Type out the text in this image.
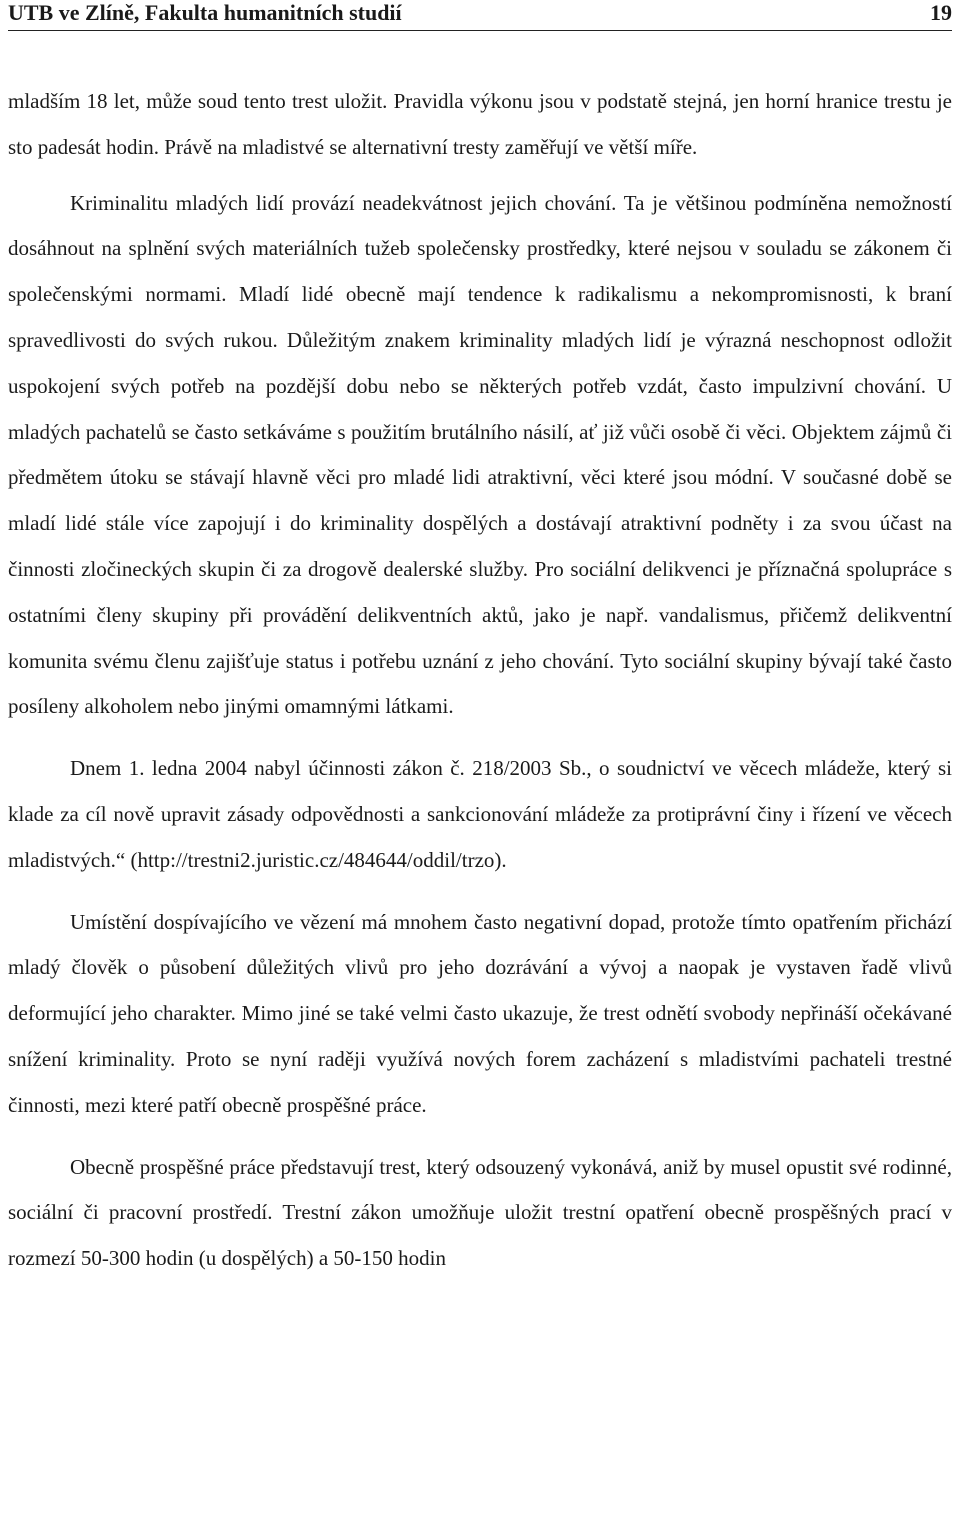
UTB ve Zlíně, Fakulta humanitních studií	19

mladším 18 let, může soud tento trest uložit. Pravidla výkonu jsou v podstatě stejná, jen horní hranice trestu je sto padesát hodin. Právě na mladistvé se alternativní tresty zaměřují ve větší míře.

Kriminalitu mladých lidí provází neadekvátnost jejich chování. Ta je většinou podmíněna nemožností dosáhnout na splnění svých materiálních tužeb společensky prostředky, které nejsou v souladu se zákonem či společenskými normami. Mladí lidé obecně mají tendence k radikalismu a nekompromisnosti, k braní spravedlivosti do svých rukou. Důležitým znakem kriminality mladých lidí je výrazná neschopnost odložit uspokojení svých potřeb na pozdější dobu nebo se některých potřeb vzdát, často impulzivní chování. U mladých pachatelů se často setkáváme s použitím brutálního násilí, ať již vůči osobě či věci. Objektem zájmů či předmětem útoku se stávají hlavně věci pro mladé lidi atraktivní, věci které jsou módní. V současné době se mladí lidé stále více zapojují i do kriminality dospělých a dostávají atraktivní podněty i za svou účast na činnosti zločineckých skupin či za drogově dealerské služby. Pro sociální delikvenci je příznačná spolupráce s ostatními členy skupiny při provádění delikventních aktů, jako je např. vandalismus, přičemž delikventní komunita svému členu zajišťuje status i potřebu uznání z jeho chování. Tyto sociální skupiny bývají také často posíleny alkoholem nebo jinými omamnými látkami.

Dnem 1. ledna 2004 nabyl účinnosti zákon č. 218/2003 Sb., o soudnictví ve věcech mládeže, který si klade za cíl nově upravit zásady odpovědnosti a sankcionování mládeže za protiprávní činy i řízení ve věcech mladistvých.“ (http://trestni2.juristic.cz/484644/oddil/trzo).

Umístění dospívajícího ve vězení má mnohem často negativní dopad, protože tímto opatřením přichází mladý člověk o působení důležitých vlivů pro jeho dozrávání a vývoj a naopak je vystaven řadě vlivů deformující jeho charakter. Mimo jiné se také velmi často ukazuje, že trest odnětí svobody nepřináší očekávané snížení kriminality. Proto se nyní raději využívá nových forem zacházení s mladistvími pachateli trestné činnosti, mezi které patří obecně prospěšné práce.

Obecně prospěšné práce představují trest, který odsouzený vykonává, aniž by musel opustit své rodinné, sociální či pracovní prostředí. Trestní zákon umožňuje uložit trestní opatření obecně prospěšných prací v rozmezí 50-300 hodin (u dospělých) a 50-150 hodin
